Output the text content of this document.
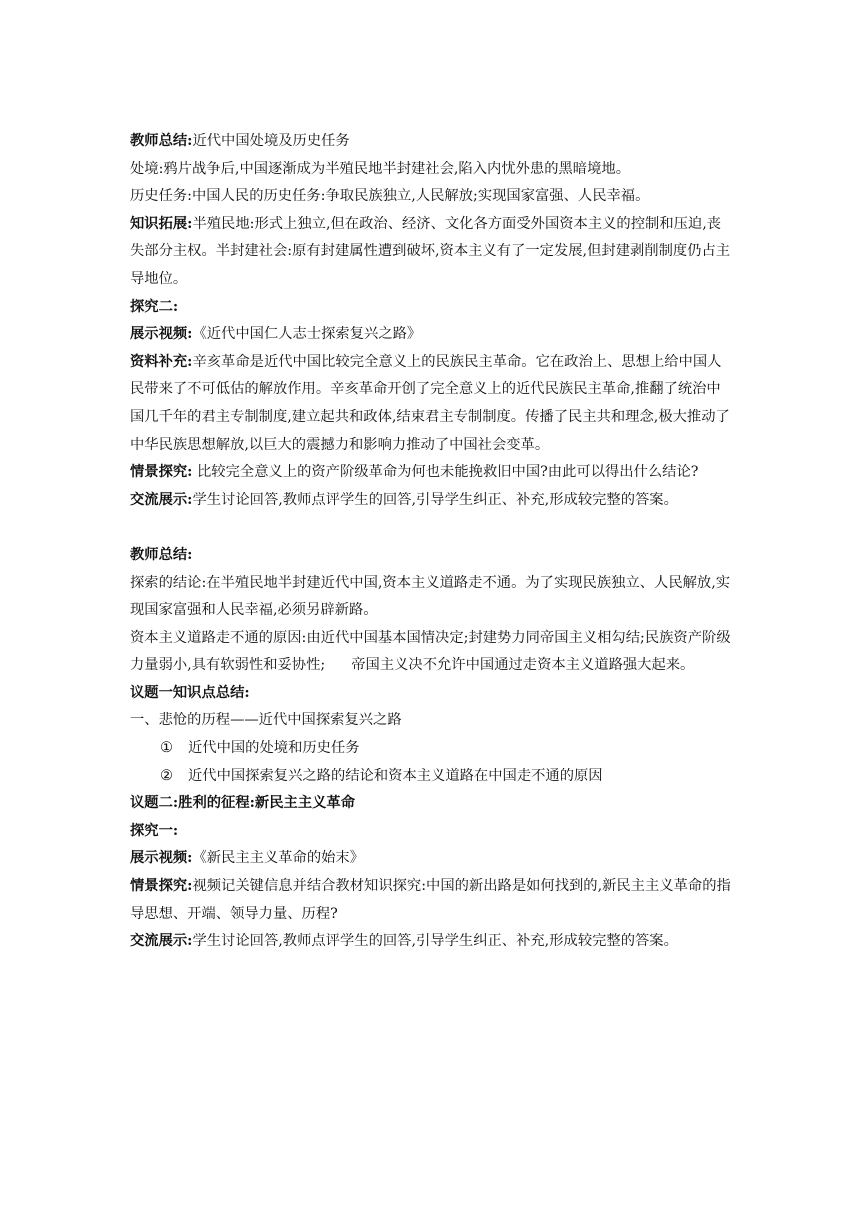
教师总结:近代中国处境及历史任务

处境:鸦片战争后,中国逐渐成为半殖民地半封建社会,陷入内忧外患的黑暗境地。

历史任务:中国人民的历史任务:争取民族独立,人民解放;实现国家富强、人民幸福。

知识拓展:半殖民地:形式上独立,但在政治、经济、文化各方面受外国资本主义的控制和压迫,丧失部分主权。半封建社会:原有封建属性遭到破坏,资本主义有了一定发展,但封建剥削制度仍占主导地位。

探究二:

展示视频:《近代中国仁人志士探索复兴之路》

资料补充:辛亥革命是近代中国比较完全意义上的民族民主革命。它在政治上、思想上给中国人民带来了不可低估的解放作用。辛亥革命开创了完全意义上的近代民族民主革命,推翻了统治中国几千年的君主专制制度,建立起共和政体,结束君主专制制度。传播了民主共和理念,极大推动了中华民族思想解放,以巨大的震撼力和影响力推动了中国社会变革。

情景探究: 比较完全意义上的资产阶级革命为何也未能挽救旧中国?由此可以得出什么结论?

交流展示:学生讨论回答,教师点评学生的回答,引导学生纠正、补充,形成较完整的答案。

教师总结:

探索的结论:在半殖民地半封建近代中国,资本主义道路走不通。为了实现民族独立、人民解放,实现国家富强和人民幸福,必须另辟新路。

资本主义道路走不通的原因:由近代中国基本国情决定;封建势力同帝国主义相勾结;民族资产阶级力量弱小,具有软弱性和妥协性; 帝国主义决不允许中国通过走资本主义道路强大起来。

议题一知识点总结:

一、悲怆的历程——近代中国探索复兴之路

①	近代中国的处境和历史任务
②	近代中国探索复兴之路的结论和资本主义道路在中国走不通的原因

议题二:胜利的征程:新民主主义革命

探究一:

展示视频:《新民主主义革命的始末》

情景探究:视频记关键信息并结合教材知识探究:中国的新出路是如何找到的,新民主主义革命的指导思想、开端、领导力量、历程?

交流展示:学生讨论回答,教师点评学生的回答,引导学生纠正、补充,形成较完整的答案。
